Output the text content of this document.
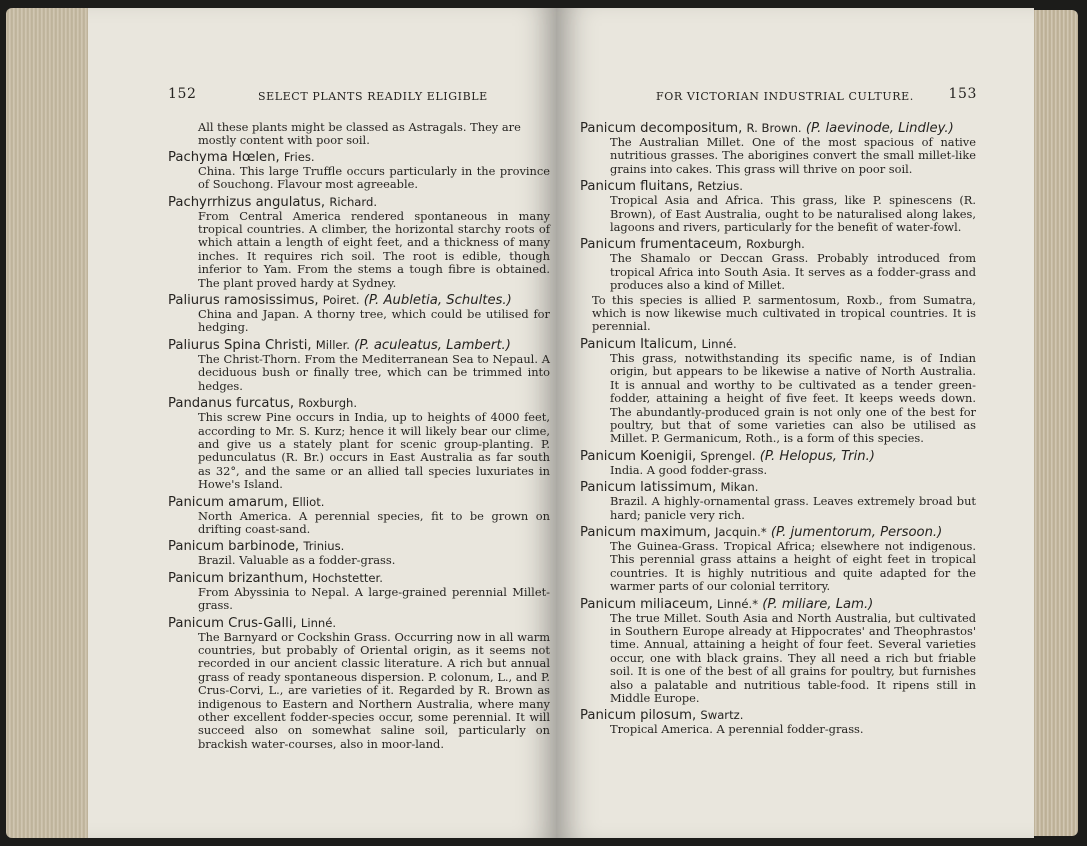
152	SELECT PLANTS READILY ELIGIBLE
All these plants might be classed as Astragals. They are mostly content with poor soil.
Pachyma Hœlen, Fries.
China. This large Truffle occurs particularly in the province of Souchong. Flavour most agreeable.
Pachyrrhizus angulatus, Richard.
From Central America rendered spontaneous in many tropical countries. A climber, the horizontal starchy roots of which attain a length of eight feet, and a thickness of many inches. It requires rich soil. The root is edible, though inferior to Yam. From the stems a tough fibre is obtained. The plant proved hardy at Sydney.
Paliurus ramosissimus, Poiret. (P. Aubletia, Schultes.)
China and Japan. A thorny tree, which could be utilised for hedging.
Paliurus Spina Christi, Miller. (P. aculeatus, Lambert.)
The Christ-Thorn. From the Mediterranean Sea to Nepaul. A deciduous bush or finally tree, which can be trimmed into hedges.
Pandanus furcatus, Roxburgh.
This screw Pine occurs in India, up to heights of 4000 feet, according to Mr. S. Kurz; hence it will likely bear our clime, and give us a stately plant for scenic group-planting. P. pedunculatus (R. Br.) occurs in East Australia as far south as 32°, and the same or an allied tall species luxuriates in Howe's Island.
Panicum amarum, Elliot.
North America. A perennial species, fit to be grown on drifting coast-sand.
Panicum barbinode, Trinius.
Brazil. Valuable as a fodder-grass.
Panicum brizanthum, Hochstetter.
From Abyssinia to Nepal. A large-grained perennial Millet-grass.
Panicum Crus-Galli, Linné.
The Barnyard or Cockshin Grass. Occurring now in all warm countries, but probably of Oriental origin, as it seems not recorded in our ancient classic literature. A rich but annual grass of ready spontaneous dispersion. P. colonum, L., and P. Crus-Corvi, L., are varieties of it. Regarded by R. Brown as indigenous to Eastern and Northern Australia, where many other excellent fodder-species occur, some perennial. It will succeed also on somewhat saline soil, particularly on brackish water-courses, also in moor-land.
FOR VICTORIAN INDUSTRIAL CULTURE. 153
Panicum decompositum, R. Brown. (P. laevinode, Lindley.)
The Australian Millet. One of the most spacious of native nutritious grasses. The aborigines convert the small millet-like grains into cakes. This grass will thrive on poor soil.
Panicum fluitans, Retzius.
Tropical Asia and Africa. This grass, like P. spinescens (R. Brown), of East Australia, ought to be naturalised along lakes, lagoons and rivers, particularly for the benefit of water-fowl.
Panicum frumentaceum, Roxburgh.
The Shamalo or Deccan Grass. Probably introduced from tropical Africa into South Asia. It serves as a fodder-grass and produces also a kind of Millet.
To this species is allied P. sarmentosum, Roxb., from Sumatra, which is now likewise much cultivated in tropical countries. It is perennial.
Panicum Italicum, Linné.
This grass, notwithstanding its specific name, is of Indian origin, but appears to be likewise a native of North Australia. It is annual and worthy to be cultivated as a tender green-fodder, attaining a height of five feet. It keeps weeds down. The abundantly-produced grain is not only one of the best for poultry, but that of some varieties can also be utilised as Millet. P. Germanicum, Roth., is a form of this species.
Panicum Koenigii, Sprengel. (P. Helopus, Trin.)
India. A good fodder-grass.
Panicum latissimum, Mikan.
Brazil. A highly-ornamental grass. Leaves extremely broad but hard; panicle very rich.
Panicum maximum, Jacquin.* (P. jumentorum, Persoon.)
The Guinea-Grass. Tropical Africa; elsewhere not indigenous. This perennial grass attains a height of eight feet in tropical countries. It is highly nutritious and quite adapted for the warmer parts of our colonial territory.
Panicum miliaceum, Linné.* (P. miliare, Lam.)
The true Millet. South Asia and North Australia, but cultivated in Southern Europe already at Hippocrates' and Theophrastos' time. Annual, attaining a height of four feet. Several varieties occur, one with black grains. They all need a rich but friable soil. It is one of the best of all grains for poultry, but furnishes also a palatable and nutritious table-food. It ripens still in Middle Europe.
Panicum pilosum, Swartz.
Tropical America. A perennial fodder-grass.
